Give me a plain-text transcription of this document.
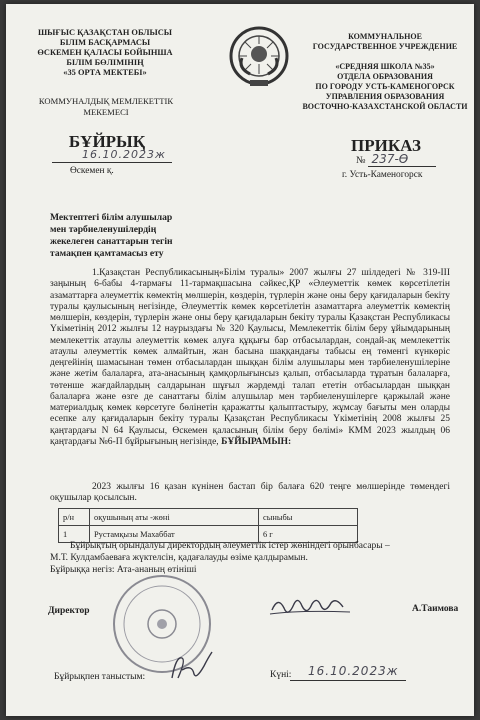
ШЫҒЫС ҚАЗАҚСТАН ОБЛЫСЫ
БІЛІМ БАСҚАРМАСЫ
ӨСКЕМЕН ҚАЛАСЫ БОЙЫНША
БІЛІМ БӨЛІМІНІҢ
«35 ОРТА МЕКТЕБІ»
КОММУНАЛЬНОЕ
ГОСУДАРСТВЕННОЕ УЧРЕЖДЕНИЕ
«СРЕДНЯЯ ШКОЛА №35»
ОТДЕЛА ОБРАЗОВАНИЯ
ПО ГОРОДУ УСТЬ-КАМЕНОГОРСК
УПРАВЛЕНИЯ ОБРАЗОВАНИЯ
ВОСТОЧНО-КАЗАХСТАНСКОЙ ОБЛАСТИ
КОММУНАЛДЫҚ МЕМЛЕКЕТТІК
МЕКЕМЕСІ
БҰЙРЫҚ
16.10.2023ж
Өскемен қ.
ПРИКАЗ
№ 237-Ө
г. Усть-Каменогорск
Мектептегі білім алушылар
мен тәрбиеленушілердің
жекелеген санаттарын тегін
тамақпен қамтамасыз ету

1.Қазақстан Республикасының«Білім туралы» 2007 жылғы 27 шілдедегі № 319-ІІІ заңының 6-бабы 4-тармағы 11-тармақшасына сәйкес,ҚР «Әлеуметтік көмек көрсетілетін азаматтарға әлеуметтік көмектің мөлшерін, көздерін, түрлерін және оны беру қағидаларын бекіту туралы қаулысының негізінде, Әлеуметтік көмек көрсетілетін азаматтарға әлеуметтік көмектің мөлшерін, көздерін, түрлерін және оны беру қағидаларын бекіту туралы Қазақстан Республикасы Үкіметінің 2012 жылғы 12 наурыздағы № 320 Қаулысы, Мемлекеттік білім беру ұйымдарының мемлекеттік атаулы әлеуметтік көмек алуға құқығы бар отбасылардан, сондай-ақ мемлекеттік атаулы әлеуметтік көмек алмайтын, жан басына шаққандағы табысы ең төменгі күнкөріс деңгейінің шамасынан төмен отбасылардан шыққан білім алушылары мен тәрбиеленушілеріне және жетім балаларға, ата-анасының қамқорлығынсыз қалып, отбасыларда тұратын балаларға, төтенше жағдайлардың салдарынан шұғыл жәрдемді талап ететін отбасылардан шыққан балаларға және өзге де санаттағы білім алушылар мен тәрбиеленушілерге қаржылай және материалдық көмек көрсетуге бөлінетін қаражатты қалыптастыру, жұмсау бағыты мен оларды есепке алу қағидаларын бекіту туралы Қазақстан Республикасы Үкіметінің 2008 жылғы 25 қаңтардағы N 64 Қаулысы, Өскемен қаласының білім беру бөлімі» КММ 2023 жылдың 06 қаңтардағы №6-П бұйрығының негізінде, БҰЙЫРАМЫН:

2023 жылғы 16 қазан күнінен бастап бір балаға 620 теңге мөлшерінде төмендегі оқушылар қосылсын.
р/н	оқушының аты -жөні	сыныбы
1	Рустамқызы Махаббат	6 г
Бұйрықтың орындалуы директордың әлеуметтік істер жөніндегі орынбасары –
М.Т. Кулдамбаеваға жүктелсін, қадағалауды өзіме қалдырамын.
Бұйрыққа негіз: Ата-ананың өтініші
Директор	А.Таимова
Бұйрықпен таныстым:	Күні: 16.10.2023ж
